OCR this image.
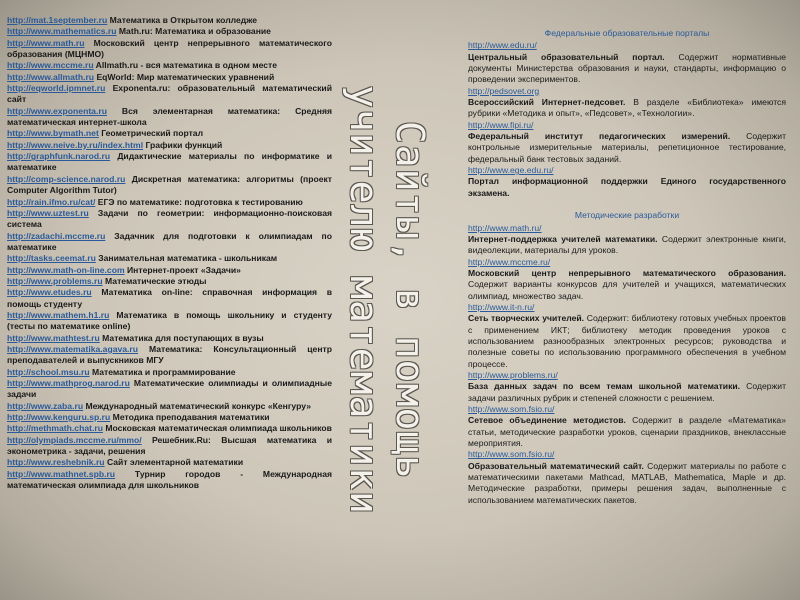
http://mat.1september.ru Математика в Открытом колледже

http://www.mathematics.ru Math.ru: Математика и образование

http://www.math.ru Московский центр непрерывного математического образования (МЦНМО)

http://www.mccme.ru Allmath.ru - вся математика в одном месте

http://www.allmath.ru EqWorld: Мир математических уравнений

http://eqworld.ipmnet.ru Exponenta.ru: образовательный математический сайт

http://www.exponenta.ru Вся элементарная математика: Средняя математическая интернет-школа

http://www.bymath.net Геометрический портал

http://www.neive.by.ru/index.html Графики функций

http://graphfunk.narod.ru Дидактические материалы по информатике и математике

http://comp-science.narod.ru Дискретная математика: алгоритмы (проект Computer Algorithm Tutor)

http://rain.ifmo.ru/cat/ ЕГЭ по математике: подготовка к тестированию

http://www.uztest.ru Задачи по геометрии: информационно-поисковая система

http://zadachi.mccme.ru Задачник для подготовки к олимпиадам по математике

http://tasks.ceemat.ru Занимательная математика - школьникам

http://www.math-on-line.com Интернет-проект «Задачи»

http://www.problems.ru Математические этюды

http://www.etudes.ru Математика on-line: справочная информация в помощь студенту

http://www.mathem.h1.ru Математика в помощь школьнику и студенту (тесты по математике online)

http://www.mathtest.ru Математика для поступающих в вузы

http://www.matematika.agava.ru Математика: Консультационный центр преподавателей и выпускников МГУ

http://school.msu.ru Математика и программирование

http://www.mathprog.narod.ru Математические олимпиады и олимпиадные задачи

http://www.zaba.ru Международный математический конкурс «Кенгуру»

http://www.kenguru.sp.ru Методика преподавания математики

http://methmath.chat.ru Московская математическая олимпиада школьников

http://olympiads.mccme.ru/mmo/ Решебник.Ru: Высшая математика и эконометрика - задачи, решения

http://www.reshebnik.ru Сайт элементарной математики

http://www.mathnet.spb.ru Турнир городов - Международная математическая олимпиада для школьников

Сайты, в помощь
учителю математики
Федеральные образовательные порталы
http://www.edu.ru/
Центральный образовательный портал. Содержит нормативные документы Министерства образования и науки, стандарты, информацию о проведении экспериментов.
http://pedsovet.org
Всероссийский Интернет-педсовет. В разделе «Библиотека» имеются рубрики «Методика и опыт», «Педсовет», «Технологии».
http://www.fipi.ru/
Федеральный институт педагогических измерений. Содержит контрольные измерительные материалы, репетиционное тестирование, федеральный банк тестовых заданий.
http://www.ege.edu.ru/
Портал информационной поддержки Единого государственного экзамена.
Методические разработки
http://www.math.ru/
Интернет-поддержка учителей математики. Содержит электронные книги, видеолекции, материалы для уроков.
http://www.mccme.ru/
Московский центр непрерывного математического образования. Содержит варианты конкурсов для учителей и учащихся, математических олимпиад, множество задач.
http://www.it-n.ru/
Сеть творческих учителей. Содержит: библиотеку готовых учебных проектов с применением ИКТ; библиотеку методик проведения уроков с использованием разнообразных электронных ресурсов; руководства и полезные советы по использованию программного обеспечения в учебном процессе.
http://www.problems.ru/
База данных задач по всем темам школьной математики. Содержит задачи различных рубрик и степеней сложности с решением.
http://www.som.fsio.ru/
Сетевое объединение методистов. Содержит в разделе «Математика» статьи, методические разработки уроков, сценарии праздников, внеклассные мероприятия.
http://www.som.fsio.ru/
Образовательный математический сайт. Содержит материалы по работе с математическими пакетами Mathcad, MATLAB, Mathematica, Maple и др. Методические разработки, примеры решения задач, выполненные с использованием математических пакетов.
